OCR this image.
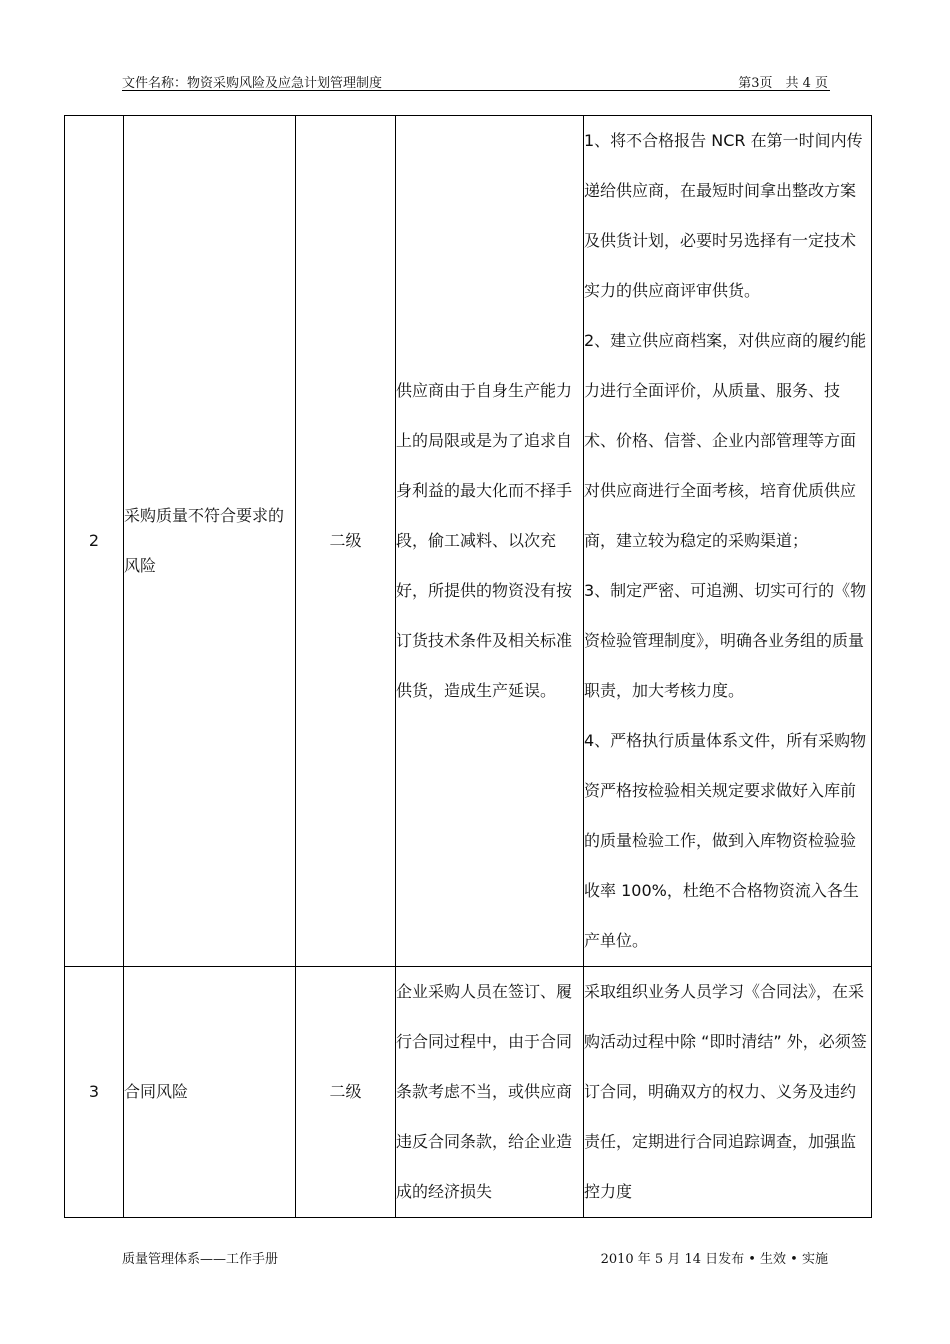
文件名称：物资采购风险及应急计划管理制度	第3页　共 4 页
2	采购质量不符合要求的风险	二级	供应商由于自身生产能力上的局限或是为了追求自身利益的最大化而不择手段，偷工减料、以次充好，所提供的物资没有按订货技术条件及相关标准供货，造成生产延误。	1、将不合格报告 NCR 在第一时间内传递给供应商，在最短时间拿出整改方案及供货计划，必要时另选择有一定技术实力的供应商评审供货。
2、建立供应商档案，对供应商的履约能力进行全面评价，从质量、服务、技术、价格、信誉、企业内部管理等方面对供应商进行全面考核，培育优质供应商，建立较为稳定的采购渠道；
3、制定严密、可追溯、切实可行的《物资检验管理制度》，明确各业务组的质量职责，加大考核力度。
4、严格执行质量体系文件，所有采购物资严格按检验相关规定要求做好入库前的质量检验工作，做到入库物资检验验收率 100%，杜绝不合格物资流入各生产单位。

3	合同风险	二级	企业采购人员在签订、履行合同过程中，由于合同条款考虑不当，或供应商违反合同条款，给企业造成的经济损失	采取组织业务人员学习《合同法》，在采购活动过程中除 “即时清结” 外，必须签订合同，明确双方的权力、义务及违约责任，定期进行合同追踪调查，加强监控力度
质量管理体系——工作手册	2010 年 5 月 14 日发布 • 生效 • 实施
